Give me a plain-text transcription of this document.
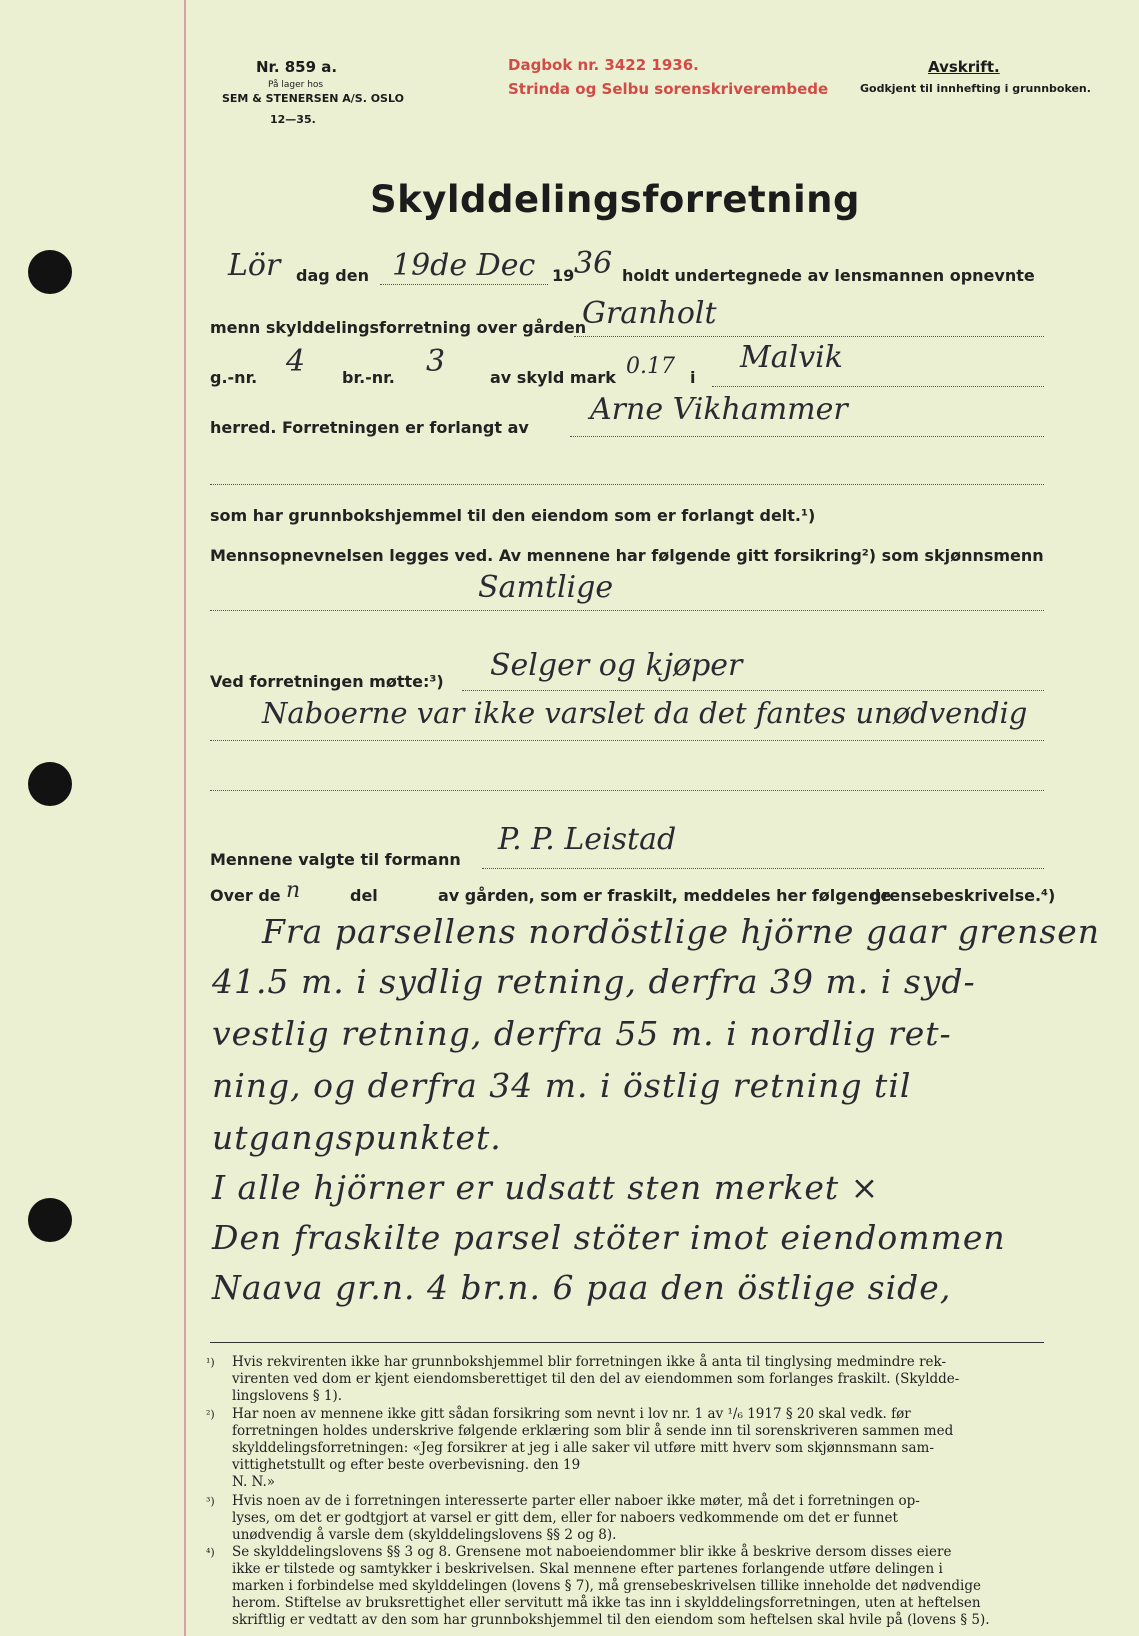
Nr. 859 a.
På lager hos
SEM & STENERSEN A/S. OSLO
12—35.
Dagbok nr. 3422 1936.
Strinda og Selbu sorenskriverembede
Avskrift.
Godkjent til innhefting i grunnboken.
Skylddelingsforretning
Lör dag den 19de Dec 19 36 holdt undertegnede av lensmannen opnevnte
menn skylddelingsforretning over gården
Granholt
g.-nr. 4 br.-nr. 3	av skyld mark 0.17 i
Malvik
herred. Forretningen er forlangt av
Arne Vikhammer
som har grunnbokshjemmel til den eiendom som er forlangt delt.¹)
Mennsopnevnelsen legges ved. Av mennene har følgende gitt forsikring²) som skjønnsmenn
Samtlige
Ved forretningen møtte:³) Selger og kjøper
Naboerne var ikke varslet da det fantes unødvendig
Mennene valgte til formann
P. P. Leistad
Over de n	del	av gården, som er fraskilt, meddeles her følgende
grensebeskrivelse.⁴)
Fra parsellens nordöstlige hjörne gaar grensen
41.5 m. i sydlig retning, derfra 39 m. i syd-
vestlig retning, derfra 55 m. i nordlig ret-
ning, og derfra 34 m. i östlig retning til
utgangspunktet.
I alle hjörner er udsatt sten merket ×
Den fraskilte parsel stöter imot eiendommen
Naava gr.n. 4 br.n. 6 paa den östlige side,
¹) Hvis rekvirenten ikke har grunnbokshjemmel blir forretningen ikke å anta til tinglysing medmindre rek-
virenten ved dom er kjent eiendomsberettiget til den del av eiendommen som forlanges fraskilt. (Skyldde-
lingslovens § 1).
²) Har noen av mennene ikke gitt sådan forsikring som nevnt i lov nr. 1 av ¹/₆ 1917 § 20 skal vedk. før
forretningen holdes underskrive følgende erklæring som blir å sende inn til sorenskriveren sammen med
skylddelingsforretningen: «Jeg forsikrer at jeg i alle saker vil utføre mitt hverv som skjønnsmann sam-
vittighetstullt og efter beste overbevisning. den 19
N. N.»
³) Hvis noen av de i forretningen interesserte parter eller naboer ikke møter, må det i forretningen op-
lyses, om det er godtgjort at varsel er gitt dem, eller for naboers vedkommende om det er funnet
unødvendig å varsle dem (skylddelingslovens §§ 2 og 8).
⁴) Se skylddelingslovens §§ 3 og 8. Grensene mot naboeiendommer blir ikke å beskrive dersom disses eiere
ikke er tilstede og samtykker i beskrivelsen. Skal mennene efter partenes forlangende utføre delingen i
marken i forbindelse med skylddelingen (lovens § 7), må grensebeskrivelsen tillike inneholde det nødvendige
herom. Stiftelse av bruksrettighet eller servitutt må ikke tas inn i skylddelingsforretningen, uten at heftelsen
skriftlig er vedtatt av den som har grunnbokshjemmel til den eiendom som heftelsen skal hvile på (lovens § 5).
